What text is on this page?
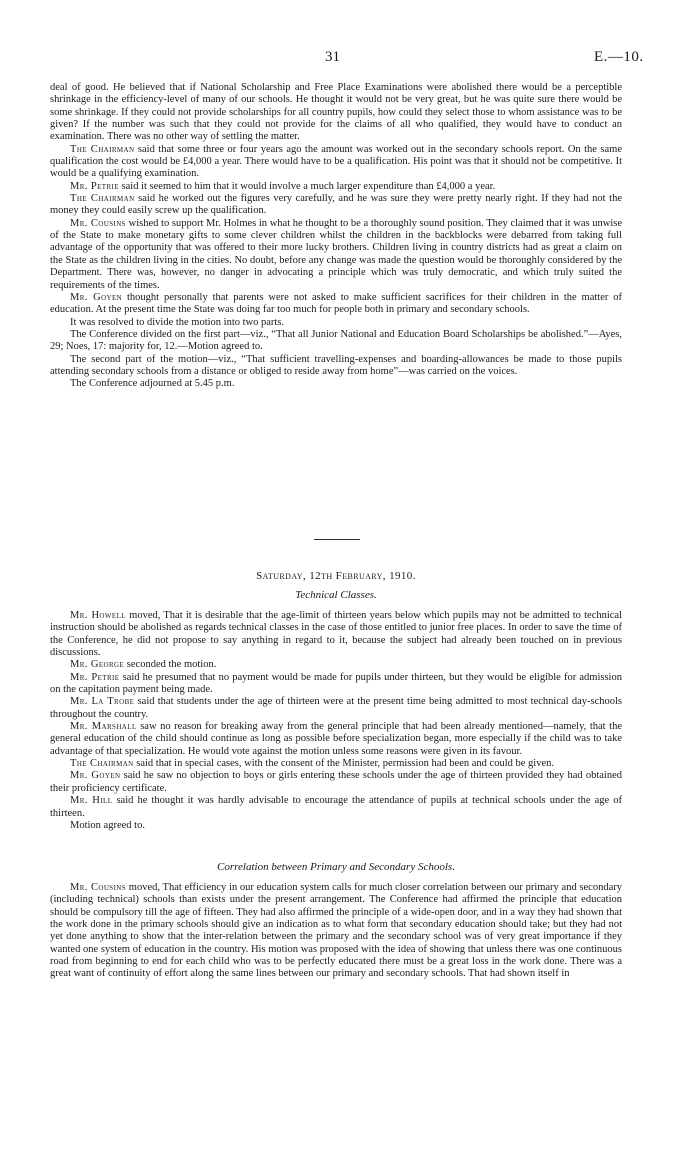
31	E.—10.

deal of good. He believed that if National Scholarship and Free Place Examinations were abolished there would be a perceptible shrinkage in the efficiency-level of many of our schools. He thought it would not be very great, but he was quite sure there would be some shrinkage. If they could not provide scholarships for all country pupils, how could they select those to whom assistance was to be given? If the number was such that they could not provide for the claims of all who qualified, they would have to conduct an examination. There was no other way of settling the matter.

The Chairman said that some three or four years ago the amount was worked out in the secondary schools report. On the same qualification the cost would be £4,000 a year. There would have to be a qualification. His point was that it should not be competitive. It would be a qualifying examination.

Mr. Petrie said it seemed to him that it would involve a much larger expenditure than £4,000 a year.

The Chairman said he worked out the figures very carefully, and he was sure they were pretty nearly right. If they had not the money they could easily screw up the qualification.

Mr. Cousins wished to support Mr. Holmes in what he thought to be a thoroughly sound position. They claimed that it was unwise of the State to make monetary gifts to some clever children whilst the children in the backblocks were debarred from taking full advantage of the opportunity that was offered to their more lucky brothers. Children living in country districts had as great a claim on the State as the children living in the cities. No doubt, before any change was made the question would be thoroughly considered by the Department. There was, however, no danger in advocating a principle which was truly democratic, and which truly suited the requirements of the times.

Mr. Goyen thought personally that parents were not asked to make sufficient sacrifices for their children in the matter of education. At the present time the State was doing far too much for people both in primary and secondary schools.

It was resolved to divide the motion into two parts.

The Conference divided on the first part—viz., “That all Junior National and Education Board Scholarships be abolished.”—Ayes, 29; Noes, 17: majority for, 12.—Motion agreed to.

The second part of the motion—viz., “That sufficient travelling-expenses and boarding-allowances be made to those pupils attending secondary schools from a distance or obliged to reside away from home”—was carried on the voices.

The Conference adjourned at 5.45 p.m.

Saturday, 12th February, 1910.

Technical Classes.

Mr. Howell moved, That it is desirable that the age-limit of thirteen years below which pupils may not be admitted to technical instruction should be abolished as regards technical classes in the case of those entitled to junior free places. In order to save the time of the Conference, he did not propose to say anything in regard to it, because the subject had already been touched on in previous discussions.

Mr. George seconded the motion.

Mr. Petrie said he presumed that no payment would be made for pupils under thirteen, but they would be eligible for admission on the capitation payment being made.

Mr. La Trobe said that students under the age of thirteen were at the present time being admitted to most technical day-schools throughout the country.

Mr. Marshall saw no reason for breaking away from the general principle that had been already mentioned—namely, that the general education of the child should continue as long as possible before specialization began, more especially if the child was to take advantage of that specialization. He would vote against the motion unless some reasons were given in its favour.

The Chairman said that in special cases, with the consent of the Minister, permission had been and could be given.

Mr. Goyen said he saw no objection to boys or girls entering these schools under the age of thirteen provided they had obtained their proficiency certificate.

Mr. Hill said he thought it was hardly advisable to encourage the attendance of pupils at technical schools under the age of thirteen.

Motion agreed to.

Correlation between Primary and Secondary Schools.

Mr. Cousins moved, That efficiency in our education system calls for much closer correlation between our primary and secondary (including technical) schools than exists under the present arrangement. The Conference had affirmed the principle that education should be compulsory till the age of fifteen. They had also affirmed the principle of a wide-open door, and in a way they had shown that the work done in the primary schools should give an indication as to what form that secondary education should take; but they had not yet done anything to show that the inter-relation between the primary and the secondary school was of very great importance if they wanted one system of education in the country. His motion was proposed with the idea of showing that unless there was one continuous road from beginning to end for each child who was to be perfectly educated there must be a great loss in the work done. There was a great want of continuity of effort along the same lines between our primary and secondary schools. That had shown itself in
